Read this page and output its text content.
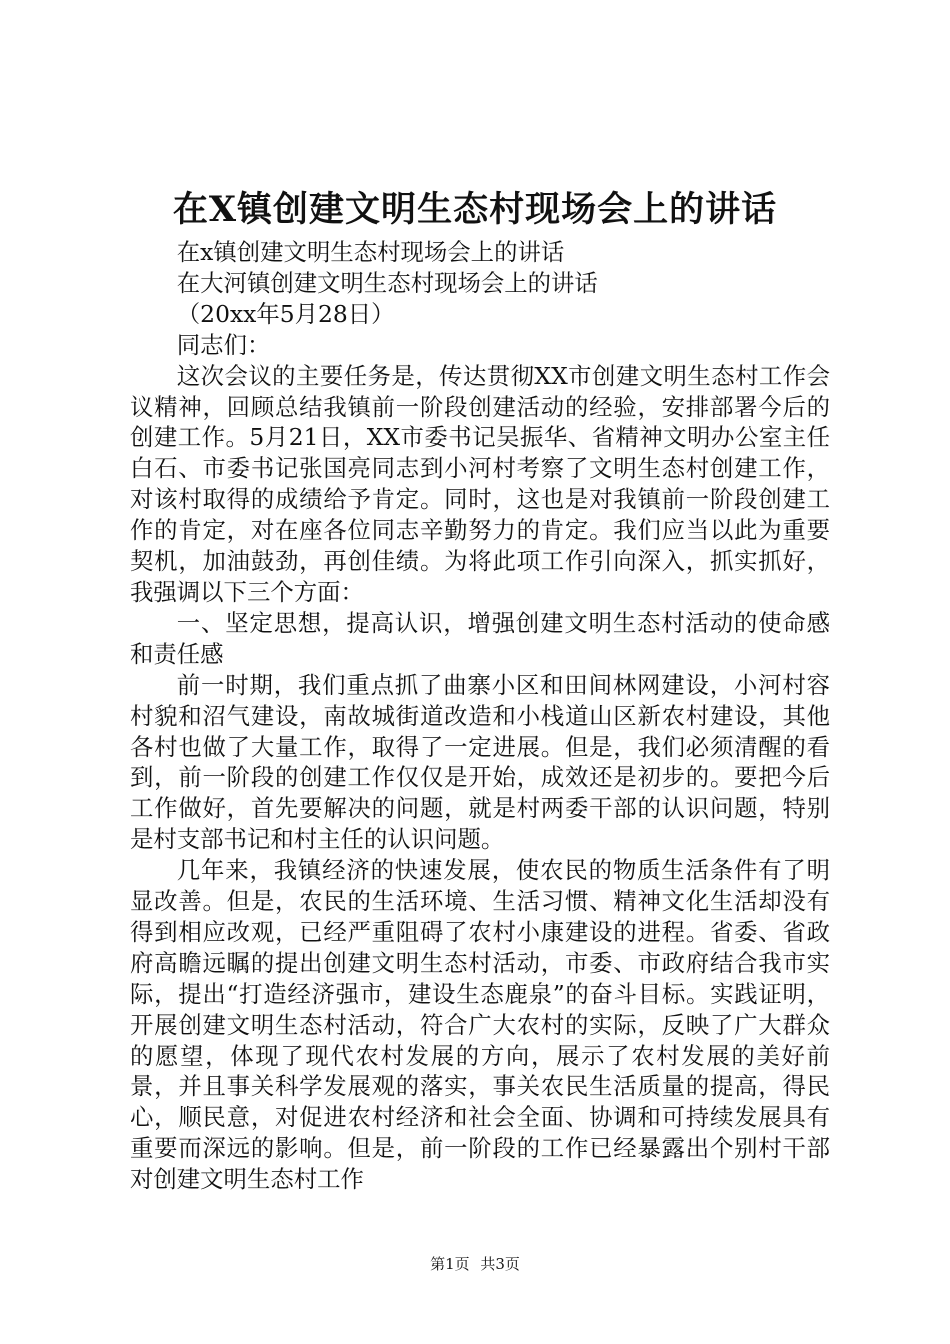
在X镇创建文明生态村现场会上的讲话

在x镇创建文明生态村现场会上的讲话

在大河镇创建文明生态村现场会上的讲话

（20xx年5月28日）

同志们：

这次会议的主要任务是，传达贯彻XX市创建文明生态村工作会议精神，回顾总结我镇前一阶段创建活动的经验，安排部署今后的创建工作。5月21日，XX市委书记吴振华、省精神文明办公室主任白石、市委书记张国亮同志到小河村考察了文明生态村创建工作，对该村取得的成绩给予肯定。同时，这也是对我镇前一阶段创建工作的肯定，对在座各位同志辛勤努力的肯定。我们应当以此为重要契机，加油鼓劲，再创佳绩。为将此项工作引向深入，抓实抓好，我强调以下三个方面：

一、坚定思想，提高认识，增强创建文明生态村活动的使命感和责任感

前一时期，我们重点抓了曲寨小区和田间林网建设，小河村容村貌和沼气建设，南故城街道改造和小栈道山区新农村建设，其他各村也做了大量工作，取得了一定进展。但是，我们必须清醒的看到，前一阶段的创建工作仅仅是开始，成效还是初步的。要把今后工作做好，首先要解决的问题，就是村两委干部的认识问题，特别是村支部书记和村主任的认识问题。

几年来，我镇经济的快速发展，使农民的物质生活条件有了明显改善。但是，农民的生活环境、生活习惯、精神文化生活却没有得到相应改观，已经严重阻碍了农村小康建设的进程。省委、省政府高瞻远瞩的提出创建文明生态村活动，市委、市政府结合我市实际，提出“打造经济强市，建设生态鹿泉”的奋斗目标。实践证明，开展创建文明生态村活动，符合广大农村的实际，反映了广大群众的愿望，体现了现代农村发展的方向，展示了农村发展的美好前景，并且事关科学发展观的落实，事关农民生活质量的提高，得民心，顺民意，对促进农村经济和社会全面、协调和可持续发展具有重要而深远的影响。但是，前一阶段的工作已经暴露出个别村干部对创建文明生态村工作

第1页 共3页
